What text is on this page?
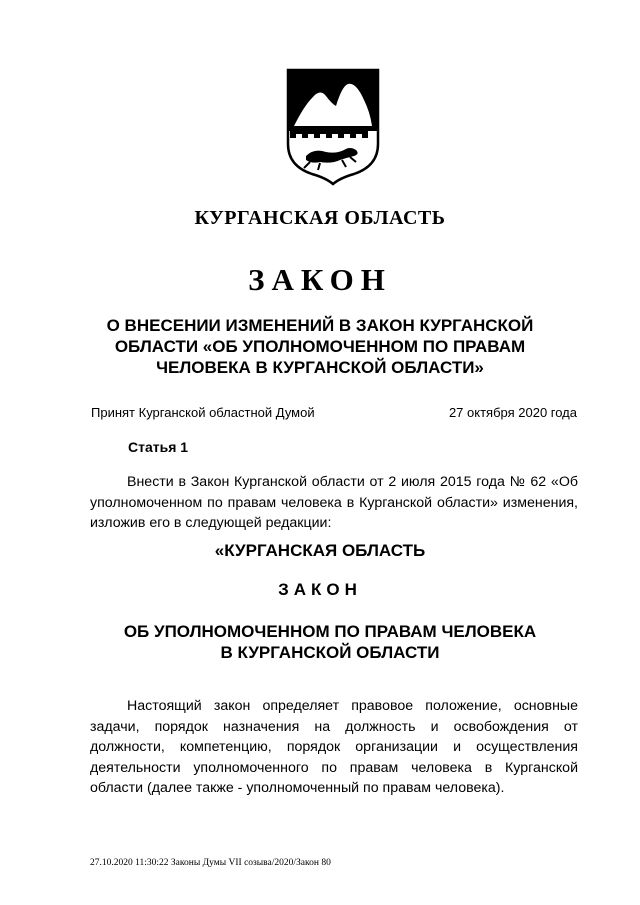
КУРГАНСКАЯ ОБЛАСТЬ
ЗАКОН
О ВНЕСЕНИИ ИЗМЕНЕНИЙ В ЗАКОН КУРГАНСКОЙ
ОБЛАСТИ «ОБ УПОЛНОМОЧЕННОМ ПО ПРАВАМ
ЧЕЛОВЕКА В КУРГАНСКОЙ ОБЛАСТИ»
Принят Курганской областной Думой	27 октября 2020 года
Статья 1
Внести в Закон Курганской области от 2 июля 2015 года № 62 «Об уполномоченном по правам человека в Курганской области» изменения, изложив его в следующей редакции:
«КУРГАНСКАЯ ОБЛАСТЬ
ЗАКОН
ОБ УПОЛНОМОЧЕННОМ ПО ПРАВАМ ЧЕЛОВЕКА
В КУРГАНСКОЙ ОБЛАСТИ
Настоящий закон определяет правовое положение, основные задачи, порядок назначения на должность и освобождения от должности, компетенцию, порядок организации и осуществления деятельности уполномоченного по правам человека в Курганской области (далее также - уполномоченный по правам человека).
27.10.2020 11:30:22 Законы Думы VII созыва/2020/Закон 80
